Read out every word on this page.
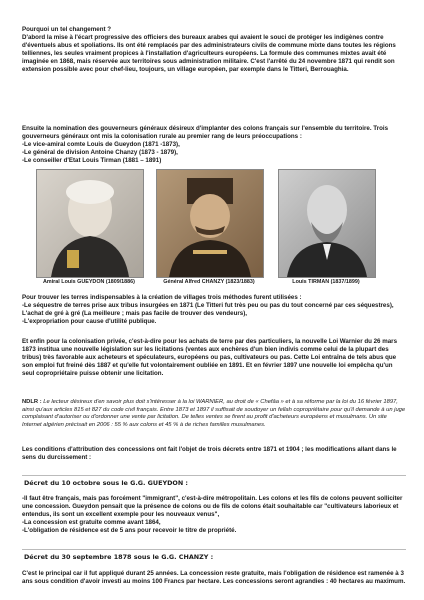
Pourquoi un tel changement ?

D'abord la mise à l'écart progressive des officiers des bureaux arabes qui avaient le souci de protéger les indigènes contre d'éventuels abus et spoliations. Ils ont été remplacés par des administrateurs civils de commune mixte dans toutes les régions telliennes, les seules vraiment propices à l'installation d'agriculteurs européens. La formule des communes mixtes avait été imaginée en 1868, mais réservée aux territoires sous administration militaire. C'est l'arrêté du 24 novembre 1871 qui rendit son extension possible avec pour chef-lieu, toujours, un village européen, par exemple dans le Titteri, Berrouaghia.

Ensuite la nomination des gouverneurs généraux désireux d'implanter des colons français sur l'ensemble du territoire. Trois gouverneurs généraux ont mis la colonisation rurale au premier rang de leurs préoccupations :

-Le vice-amiral comte Louis de Gueydon (1871 -1873),

-Le général de division Antoine Chanzy (1873 - 1879),

-Le conseiller d'Etat Louis Tirman (1881 – 1891)

Amiral Louis GUEYDON (1809/1886)	Général Alfred CHANZY (1823/1883)	Louis TIRMAN (1837/1899)

Pour trouver les terres indispensables à la création de villages trois méthodes furent utilisées :

-Le séquestre de terres prise aux tribus insurgées en 1871 (Le Titteri fut très peu ou pas du tout concerné par ces séquestres),

L'achat de gré à gré (La meilleure ; mais pas facile de trouver des vendeurs),

-L'expropriation pour cause d'utilité publique.

Et enfin pour la colonisation privée, c'est-à-dire pour les achats de terre par des particuliers, la nouvelle Loi Warnier du 26 mars 1873 institua une nouvelle législation sur les licitations (ventes aux enchères d'un bien indivis comme celui de la plupart des tribus) très favorable aux acheteurs et spéculateurs, européens ou pas, cultivateurs ou pas. Cette Loi entraîna de tels abus que son emploi fut freiné dès 1887 et qu'elle fut volontairement oubliée en 1891. Et en février 1897 une nouvelle loi empêcha qu'un seul copropriétaire puisse obtenir une licitation.

NDLR : Le lecteur désireux d'en savoir plus doit s'intéresser à la loi WARNIER, au droit de « Chefâa » et à sa réforme par la loi du 16 février 1897, ainsi qu'aux articles 815 et 827 du code civil français. Entre 1873 et 1897 il suffisait de soudoyer un fellah copropriétaire pour qu'il demande à un juge complaisant d'autoriser ou d'ordonner une vente par licitation. De telles ventes se firent au profit d'acheteurs européens et musulmans. Un site Internet algérien précisait en 2006 : 55 % aux colons et 45 % à de riches familles musulmanes.

Les conditions d'attribution des concessions ont fait l'objet de trois décrets entre 1871 et 1904 ; les modifications allant dans le sens du durcissement :

Décret du 10 octobre sous le G.G. GUEYDON :

-Il faut être français, mais pas forcément "immigrant", c'est-à-dire métropolitain. Les colons et les fils de colons peuvent solliciter une concession. Gueydon pensait que la présence de colons ou de fils de colons était souhaitable car "cultivateurs laborieux et entendus, ils sont un excellent exemple pour les nouveaux venus",

-La concession est gratuite comme avant 1864,

-L'obligation de résidence est de 5 ans pour recevoir le titre de propriété.

Décret du 30 septembre 1878 sous le G.G. CHANZY :

C'est le principal car il fut appliqué durant 25 années. La concession reste gratuite, mais l'obligation de résidence est ramenée à 3 ans sous condition d'avoir investi au moins 100 Francs par hectare. Les concessions seront agrandies : 40 hectares au maximum.
